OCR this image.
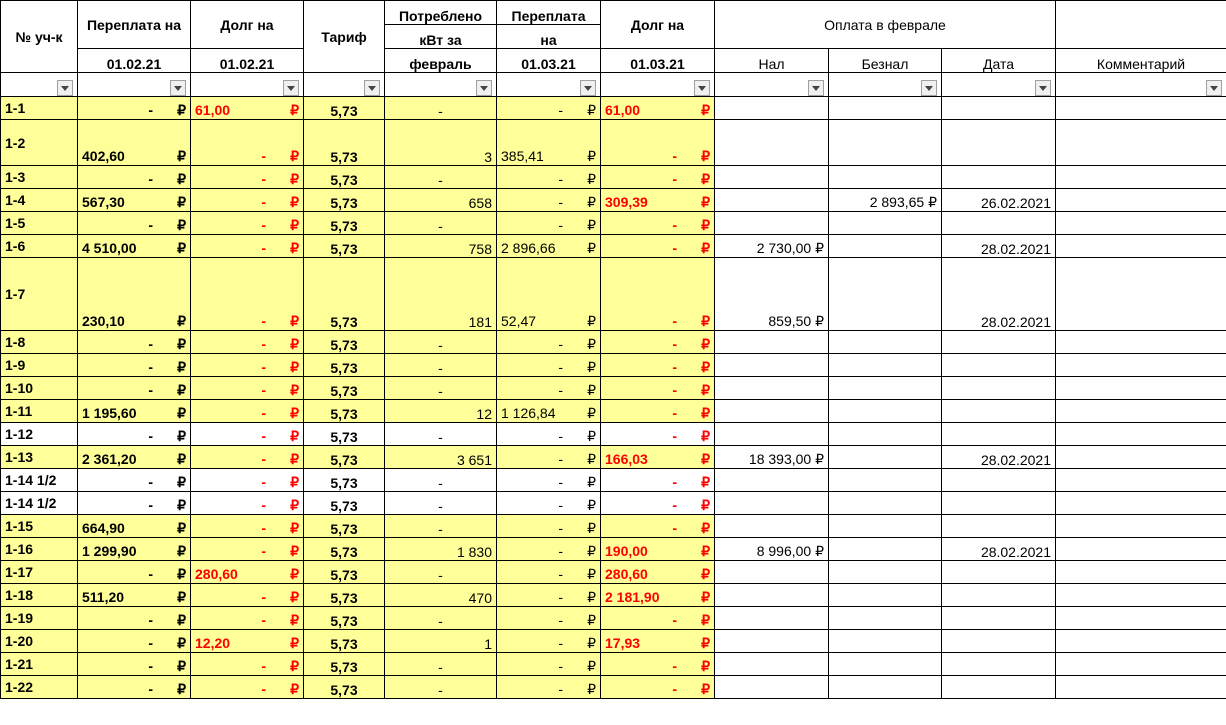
№ уч-к	Переплата на	Долг на	Тариф	Потреблено	Переплата	Долг на	Оплата в феврале			
				кВт за	на					
	01.02.21	01.02.21		февраль	01.03.21	01.03.21	Нал	Безнал	Дата	Комментарий

1-1	- ₽	61,00 ₽	5,73	-	- ₽	61,00 ₽				

1-2	402,60 ₽	- ₽	5,73	3	385,41 ₽	- ₽				

1-3	- ₽	- ₽	5,73	-	- ₽	- ₽				

1-4	567,30 ₽	- ₽	5,73	658	- ₽	309,39 ₽		2 893,65 ₽	26.02.2021	
1-5	- ₽	- ₽	5,73	-	- ₽	- ₽				

1-6	4 510,00 ₽	- ₽	5,73	758	2 896,66 ₽	- ₽	2 730,00 ₽		28.02.2021	
1-7	230,10 ₽	- ₽	5,73	181	52,47 ₽	- ₽	859,50 ₽		28.02.2021	
1-8	- ₽	- ₽	5,73	-	- ₽	- ₽				

1-9	- ₽	- ₽	5,73	-	- ₽	- ₽				

1-10	- ₽	- ₽	5,73	-	- ₽	- ₽				

1-11	1 195,60 ₽	- ₽	5,73	12	1 126,84 ₽	- ₽				

1-12	- ₽	- ₽	5,73	-	- ₽	- ₽				

1-13	2 361,20 ₽	- ₽	5,73	3 651	- ₽	166,03 ₽	18 393,00 ₽		28.02.2021	
1-14 1/2	- ₽	- ₽	5,73	-	- ₽	- ₽				

1-14 1/2	- ₽	- ₽	5,73	-	- ₽	- ₽				

1-15	664,90 ₽	- ₽	5,73	-	- ₽	- ₽				

1-16	1 299,90 ₽	- ₽	5,73	1 830	- ₽	190,00 ₽	8 996,00 ₽		28.02.2021	
1-17	- ₽	280,60 ₽	5,73	-	- ₽	280,60 ₽				

1-18	511,20 ₽	- ₽	5,73	470	- ₽	2 181,90 ₽				

1-19	- ₽	- ₽	5,73	-	- ₽	- ₽				

1-20	- ₽	12,20 ₽	5,73	1	- ₽	17,93 ₽				

1-21	- ₽	- ₽	5,73	-	- ₽	- ₽				

1-22	- ₽	- ₽	5,73	-	- ₽	- ₽				
